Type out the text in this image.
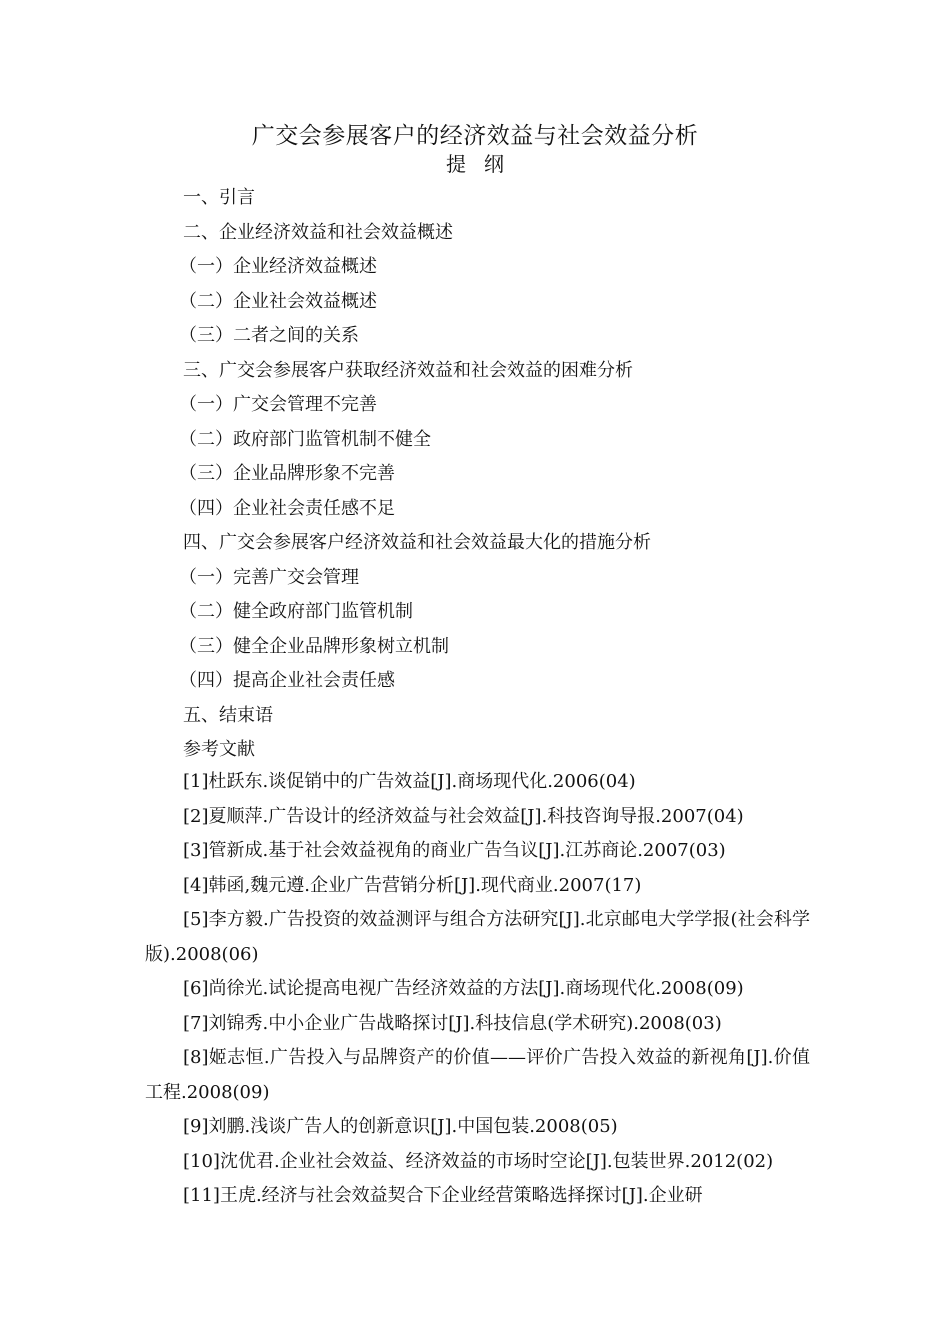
广交会参展客户的经济效益与社会效益分析
提纲
一、引言
二、企业经济效益和社会效益概述
（一）企业经济效益概述
（二）企业社会效益概述
（三）二者之间的关系
三、广交会参展客户获取经济效益和社会效益的困难分析
（一）广交会管理不完善
（二）政府部门监管机制不健全
（三）企业品牌形象不完善
（四）企业社会责任感不足
四、广交会参展客户经济效益和社会效益最大化的措施分析
（一）完善广交会管理
（二）健全政府部门监管机制
（三）健全企业品牌形象树立机制
（四）提高企业社会责任感
五、结束语
参考文献
[1]杜跃东.谈促销中的广告效益[J].商场现代化.2006(04)
[2]夏顺萍.广告设计的经济效益与社会效益[J].科技咨询导报.2007(04)
[3]管新成.基于社会效益视角的商业广告刍议[J].江苏商论.2007(03)
[4]韩函,魏元遵.企业广告营销分析[J].现代商业.2007(17)
[5]李方毅.广告投资的效益测评与组合方法研究[J].北京邮电大学学报(社会科学版).2008(06)
[6]尚徐光.试论提高电视广告经济效益的方法[J].商场现代化.2008(09)
[7]刘锦秀.中小企业广告战略探讨[J].科技信息(学术研究).2008(03)
[8]姬志恒.广告投入与品牌资产的价值——评价广告投入效益的新视角[J].价值工程.2008(09)
[9]刘鹏.浅谈广告人的创新意识[J].中国包装.2008(05)
[10]沈优君.企业社会效益、经济效益的市场时空论[J].包装世界.2012(02)
[11]王虎.经济与社会效益契合下企业经营策略选择探讨[J].企业研
